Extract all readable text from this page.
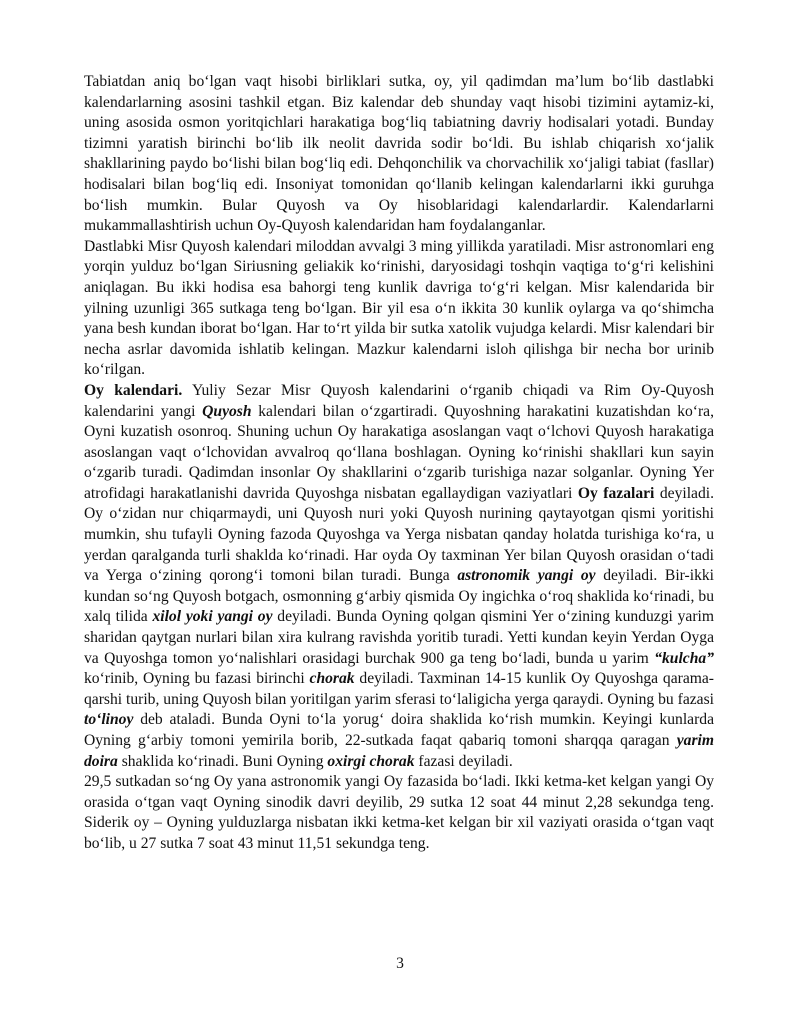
Tabiatdan aniq bo‘lgan vaqt hisobi birliklari sutka, oy, yil qadimdan ma’lum bo‘lib dastlabki kalendarlarning asosini tashkil etgan. Biz kalendar deb shunday vaqt hisobi tizimini aytamiz-ki, uning asosida osmon yoritqichlari harakatiga bog‘liq tabiatning davriy hodisalari yotadi. Bunday tizimni yaratish birinchi bo‘lib ilk neolit davrida sodir bo‘ldi. Bu ishlab chiqarish xo‘jalik shakllarining paydo bo‘lishi bilan bog‘liq edi. Dehqonchilik va chorvachilik xo‘jaligi tabiat (fasllar) hodisalari bilan bog‘liq edi. Insoniyat tomonidan qo‘llanib kelingan kalendarlarni ikki guruhga bo‘lish mumkin. Bular Quyosh va Oy hisoblaridagi kalendarlardir. Kalendarlarni mukammallashtirish uchun Oy-Quyosh kalendaridan ham foydalanganlar.

Dastlabki Misr Quyosh kalendari miloddan avvalgi 3 ming yillikda yaratiladi. Misr astronomlari eng yorqin yulduz bo‘lgan Siriusning geliakik ko‘rinishi, daryosidagi toshqin vaqtiga to‘g‘ri kelishini aniqlagan. Bu ikki hodisa esa bahorgi teng kunlik davriga to‘g‘ri kelgan. Misr kalendarida bir yilning uzunligi 365 sutkaga teng bo‘lgan. Bir yil esa o‘n ikkita 30 kunlik oylarga va qo‘shimcha yana besh kundan iborat bo‘lgan. Har to‘rt yilda bir sutka xatolik vujudga kelardi. Misr kalendari bir necha asrlar davomida ishlatib kelingan. Mazkur kalendarni isloh qilishga bir necha bor urinib ko‘rilgan.

Oy kalendari. Yuliy Sezar Misr Quyosh kalendarini o‘rganib chiqadi va Rim Oy-Quyosh kalendarini yangi Quyosh kalendari bilan o‘zgartiradi. Quyoshning harakatini kuzatishdan ko‘ra, Oyni kuzatish osonroq. Shuning uchun Oy harakatiga asoslangan vaqt o‘lchovi Quyosh harakatiga asoslangan vaqt o‘lchovidan avvalroq qo‘llana boshlagan. Oyning ko‘rinishi shakllari kun sayin o‘zgarib turadi. Qadimdan insonlar Oy shakllarini o‘zgarib turishiga nazar solganlar. Oyning Yer atrofidagi harakatlanishi davrida Quyoshga nisbatan egallaydigan vaziyatlari Oy fazalari deyiladi. Oy o‘zidan nur chiqarmaydi, uni Quyosh nuri yoki Quyosh nurining qaytayotgan qismi yoritishi mumkin, shu tufayli Oyning fazoda Quyoshga va Yerga nisbatan qanday holatda turishiga ko‘ra, u yerdan qaralganda turli shaklda ko‘rinadi. Har oyda Oy taxminan Yer bilan Quyosh orasidan o‘tadi va Yerga o‘zining qorong‘i tomoni bilan turadi. Bunga astronomik yangi oy deyiladi. Bir-ikki kundan so‘ng Quyosh botgach, osmonning g‘arbiy qismida Oy ingichka o‘roq shaklida ko‘rinadi, bu xalq tilida xilol yoki yangi oy deyiladi. Bunda Oyning qolgan qismini Yer o‘zining kunduzgi yarim sharidan qaytgan nurlari bilan xira kulrang ravishda yoritib turadi. Yetti kundan keyin Yerdan Oyga va Quyoshga tomon yo‘nalishlari orasidagi burchak 900 ga teng bo‘ladi, bunda u yarim “kulcha” ko‘rinib, Oyning bu fazasi birinchi chorak deyiladi. Taxminan 14-15 kunlik Oy Quyoshga qarama-qarshi turib, uning Quyosh bilan yoritilgan yarim sferasi to‘laligicha yerga qaraydi. Oyning bu fazasi to‘linoy deb ataladi. Bunda Oyni to‘la yorug‘ doira shaklida ko‘rish mumkin. Keyingi kunlarda Oyning g‘arbiy tomoni yemirila borib, 22-sutkada faqat qabariq tomoni sharqqa qaragan yarim doira shaklida ko‘rinadi. Buni Oyning oxirgi chorak fazasi deyiladi.

29,5 sutkadan so‘ng Oy yana astronomik yangi Oy fazasida bo‘ladi. Ikki ketma-ket kelgan yangi Oy orasida o‘tgan vaqt Oyning sinodik davri deyilib, 29 sutka 12 soat 44 minut 2,28 sekundga teng. Siderik oy – Oyning yulduzlarga nisbatan ikki ketma-ket kelgan bir xil vaziyati orasida o‘tgan vaqt bo‘lib, u 27 sutka 7 soat 43 minut 11,51 sekundga teng.

3
